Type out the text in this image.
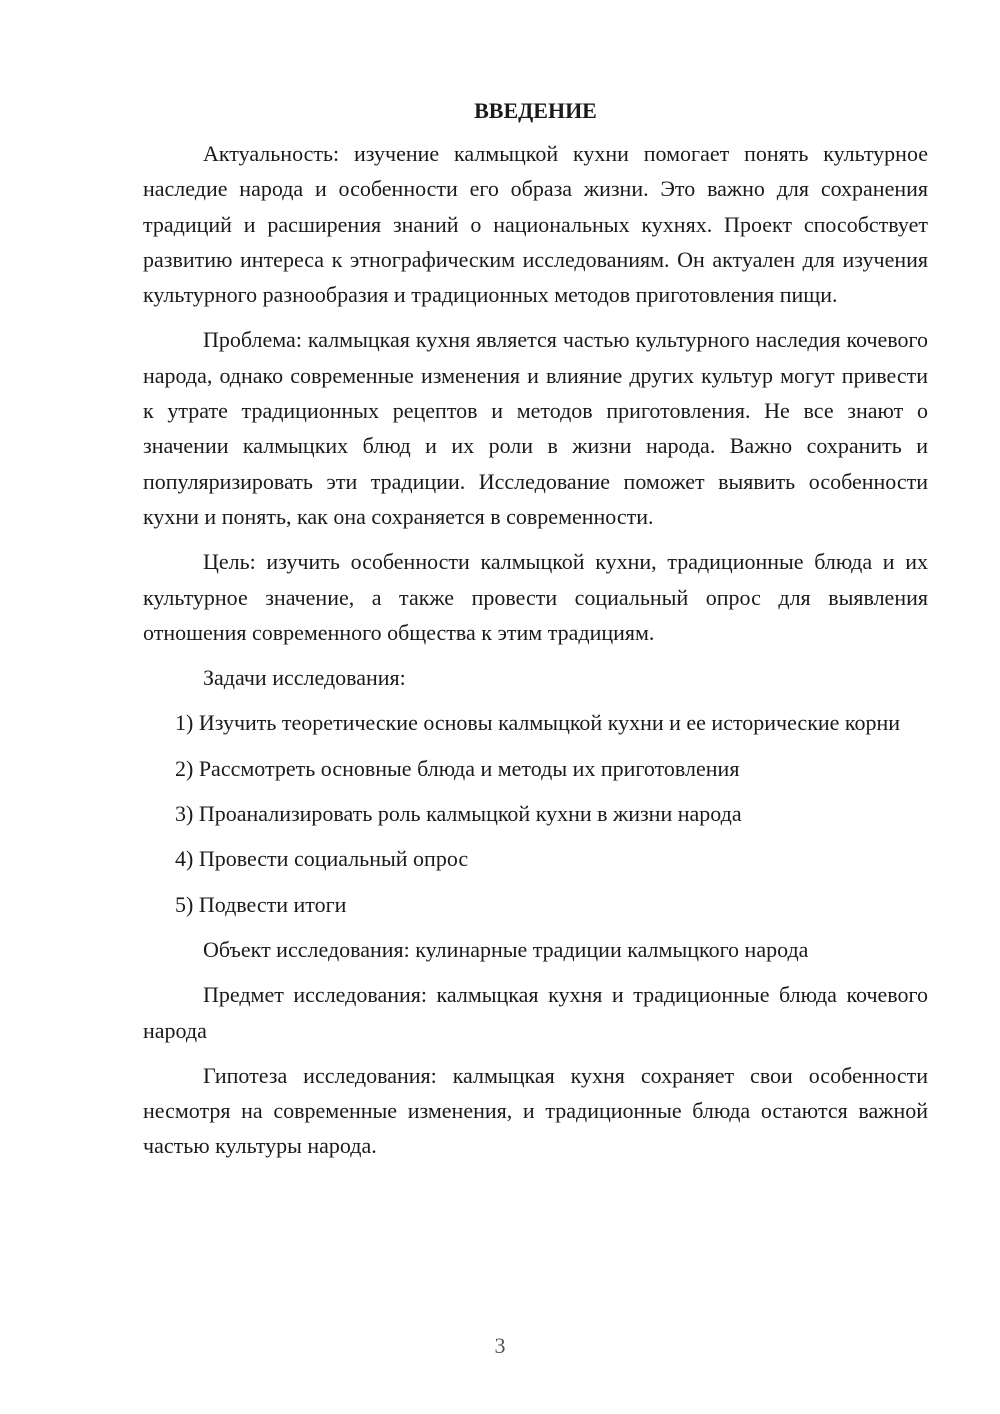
ВВЕДЕНИЕ

Актуальность: изучение калмыцкой кухни помогает понять культурное наследие народа и особенности его образа жизни. Это важно для сохранения традиций и расширения знаний о национальных кухнях. Проект способствует развитию интереса к этнографическим исследованиям. Он актуален для изучения культурного разнообразия и традиционных методов приготовления пищи.

Проблема: калмыцкая кухня является частью культурного наследия кочевого народа, однако современные изменения и влияние других культур могут привести к утрате традиционных рецептов и методов приготовления. Не все знают о значении калмыцких блюд и их роли в жизни народа. Важно сохранить и популяризировать эти традиции. Исследование поможет выявить особенности кухни и понять, как она сохраняется в современности.

Цель: изучить особенности калмыцкой кухни, традиционные блюда и их культурное значение, а также провести социальный опрос для выявления отношения современного общества к этим традициям.

Задачи исследования:

1) Изучить теоретические основы калмыцкой кухни и ее исторические корни

2) Рассмотреть основные блюда и методы их приготовления

3) Проанализировать роль калмыцкой кухни в жизни народа

4) Провести социальный опрос

5) Подвести итоги

Объект исследования: кулинарные традиции калмыцкого народа

Предмет исследования: калмыцкая кухня и традиционные блюда кочевого народа

Гипотеза исследования: калмыцкая кухня сохраняет свои особенности несмотря на современные изменения, и традиционные блюда остаются важной частью культуры народа.

3
